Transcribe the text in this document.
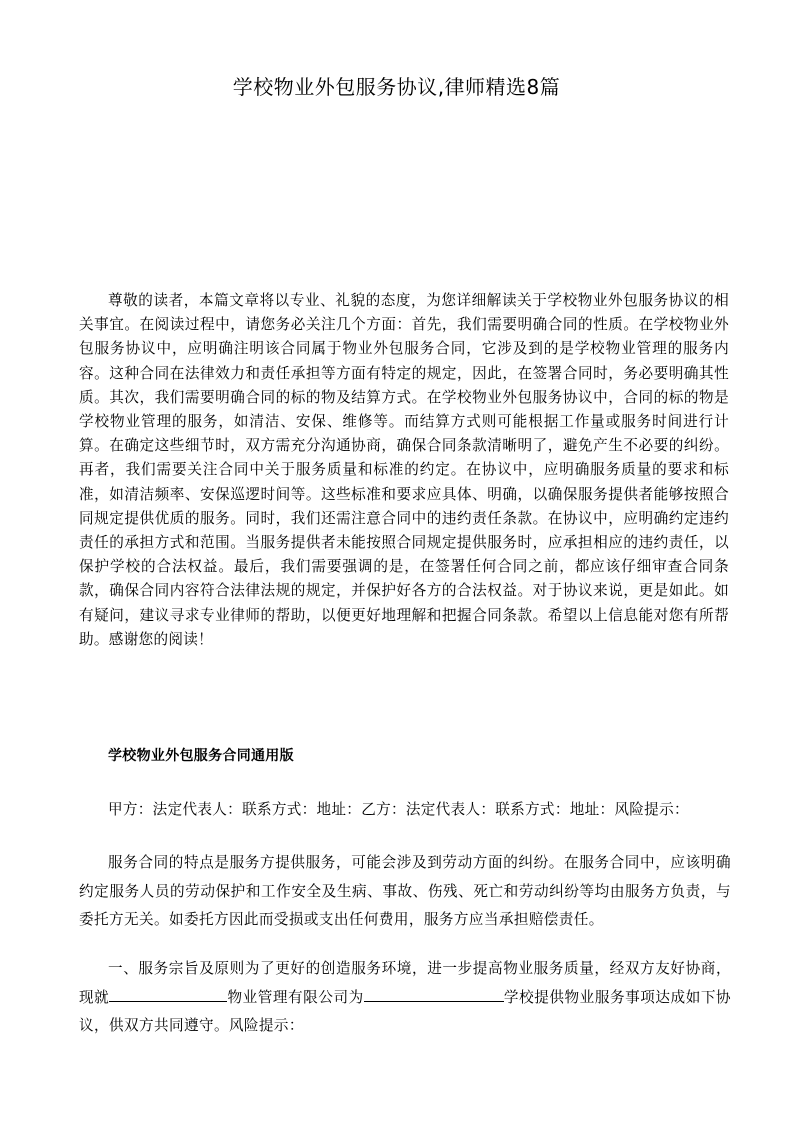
学校物业外包服务协议,律师精选8篇

尊敬的读者，本篇文章将以专业、礼貌的态度，为您详细解读关于学校物业外包服务协议的相关事宜。在阅读过程中，请您务必关注几个方面：首先，我们需要明确合同的性质。在学校物业外包服务协议中，应明确注明该合同属于物业外包服务合同，它涉及到的是学校物业管理的服务内容。这种合同在法律效力和责任承担等方面有特定的规定，因此，在签署合同时，务必要明确其性质。其次，我们需要明确合同的标的物及结算方式。在学校物业外包服务协议中，合同的标的物是学校物业管理的服务，如清洁、安保、维修等。而结算方式则可能根据工作量或服务时间进行计算。在确定这些细节时，双方需充分沟通协商，确保合同条款清晰明了，避免产生不必要的纠纷。再者，我们需要关注合同中关于服务质量和标准的约定。在协议中，应明确服务质量的要求和标准，如清洁频率、安保巡逻时间等。这些标准和要求应具体、明确，以确保服务提供者能够按照合同规定提供优质的服务。同时，我们还需注意合同中的违约责任条款。在协议中，应明确约定违约责任的承担方式和范围。当服务提供者未能按照合同规定提供服务时，应承担相应的违约责任，以保护学校的合法权益。最后，我们需要强调的是，在签署任何合同之前，都应该仔细审查合同条款，确保合同内容符合法律法规的规定，并保护好各方的合法权益。对于协议来说，更是如此。如有疑问，建议寻求专业律师的帮助，以便更好地理解和把握合同条款。希望以上信息能对您有所帮助。感谢您的阅读！

学校物业外包服务合同通用版
甲方：法定代表人：联系方式：地址：乙方：法定代表人：联系方式：地址：风险提示：

服务合同的特点是服务方提供服务，可能会涉及到劳动方面的纠纷。在服务合同中，应该明确约定服务人员的劳动保护和工作安全及生病、事故、伤残、死亡和劳动纠纷等均由服务方负责，与委托方无关。如委托方因此而受损或支出任何费用，服务方应当承担赔偿责任。

一、服务宗旨及原则为了更好的创造服务环境，进一步提高物业服务质量，经双方友好协商，现就	物业管理有限公司为	学校提供物业服务事项达成如下协议，供双方共同遵守。风险提示：
